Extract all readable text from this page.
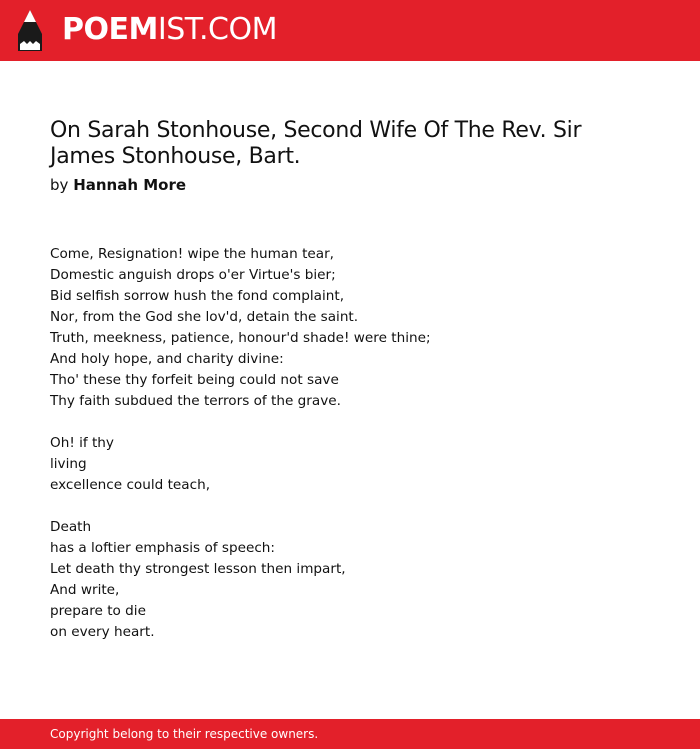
POEMIST.COM
On Sarah Stonhouse, Second Wife Of The Rev. Sir James Stonhouse, Bart.
by Hannah More
Come, Resignation! wipe the human tear,
Domestic anguish drops o'er Virtue's bier;
Bid selfish sorrow hush the fond complaint,
Nor, from the God she lov'd, detain the saint.
Truth, meekness, patience, honour'd shade! were thine;
And holy hope, and charity divine:
Tho' these thy forfeit being could not save
Thy faith subdued the terrors of the grave.
Oh! if thy
living
excellence could teach,
Death
has a loftier emphasis of speech:
Let death thy strongest lesson then impart,
And write,
prepare to die
on every heart.
Copyright belong to their respective owners.
